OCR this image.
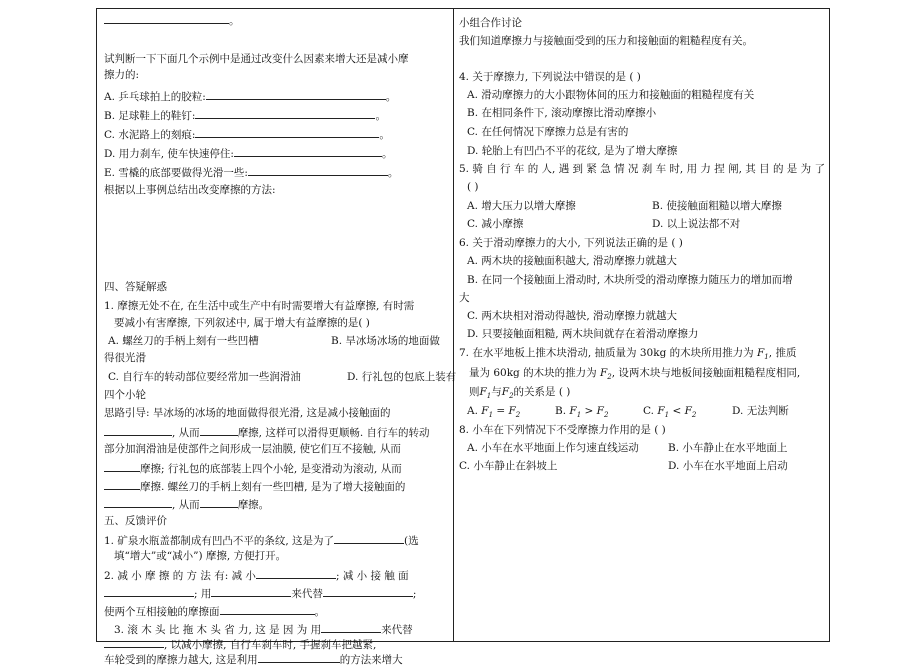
。
试判断一下下面几个示例中是通过改变什么因素来增大还是减小摩
擦力的:
A. 乒乓球拍上的胶粒:	。
B. 足球鞋上的鞋钉:	。
C. 水泥路上的刻痕:	。
D. 用力刹车, 使车快速停住:	。
E. 雪橇的底部要做得光滑一些:	。
根据以上事例总结出改变摩擦的方法:
四、答疑解惑
1. 摩擦无处不在, 在生活中或生产中有时需要增大有益摩擦, 有时需
要减小有害摩擦, 下列叙述中, 属于增大有益摩擦的是( )
A. 螺丝刀的手柄上刻有一些凹槽	B. 旱冰场冰场的地面做
得很光滑
C. 自行车的转动部位要经常加一些润滑油	D. 行礼包的包底上装有
四个小轮
思路引导: 旱冰场的冰场的地面做得很光滑, 这是减小接触面的
, 从而	摩擦, 这样可以滑得更顺畅. 自行车的转动
部分加润滑油是使部件之间形成一层油膜, 使它们互不接触, 从而
摩擦; 行礼包的底部装上四个小轮, 是变滑动为滚动, 从而
摩擦. 螺丝刀的手柄上刻有一些凹槽, 是为了增大接触面的
, 从而	摩擦。
五、反馈评价
1. 矿泉水瓶盖都制成有凹凸不平的条纹, 这是为了	(选
填“增大”或“减小”) 摩擦, 方便打开。
2. 减 小 摩 擦 的 方 法 有: 减 小	; 减 小 接 触 面
; 用	来代替	;
使两个互相接触的摩擦面	。
3. 滚 木 头 比 拖 木 头 省 力, 这 是 因 为 用	来代替
, 以减小摩擦, 自行车刹车时, 手握刹车把越紧,
车轮受到的摩擦力越大, 这是利用	的方法来增大
小组合作讨论
我们知道摩擦力与接触面受到的压力和接触面的粗糙程度有关。
4. 关于摩擦力, 下列说法中错误的是 ( )
A. 滑动摩擦力的大小跟物体间的压力和接触面的粗糙程度有关
B. 在相同条件下, 滚动摩擦比滑动摩擦小
C. 在任何情况下摩擦力总是有害的
D. 轮胎上有凹凸不平的花纹, 是为了增大摩擦
5. 骑 自 行 车 的 人, 遇 到 紧 急 情 况 刹 车 时, 用 力 捏 闸, 其 目 的 是 为 了
( )
A. 增大压力以增大摩擦	B. 使接触面粗糙以增大摩擦
C. 减小摩擦	D. 以上说法都不对
6. 关于滑动摩擦力的大小, 下列说法正确的是 ( )
A. 两木块的接触面积越大, 滑动摩擦力就越大
B. 在同一个接触面上滑动时, 木块所受的滑动摩擦力随压力的增加而增
大
C. 两木块相对滑动得越快, 滑动摩擦力就越大
D. 只要接触面粗糙, 两木块间就存在着滑动摩擦力
7. 在水平地板上推木块滑动, 抽质量为 30kg 的木块所用推力为 $F_1$, 推质
量为 60kg 的木块的推力为 $F_2$, 设两木块与地板间接触面粗糙程度相同,
则$F_1$与$F_2$的关系是 ( )
A. $F_1 = F_2$	B. $F_1 > F_2$	C. $F_1 < F_2$	D. 无法判断
8. 小车在下列情况下不受摩擦力作用的是 ( )
A. 小车在水平地面上作匀速直线运动	B. 小车静止在水平地面上
C. 小车静止在斜坡上	D. 小车在水平地面上启动
